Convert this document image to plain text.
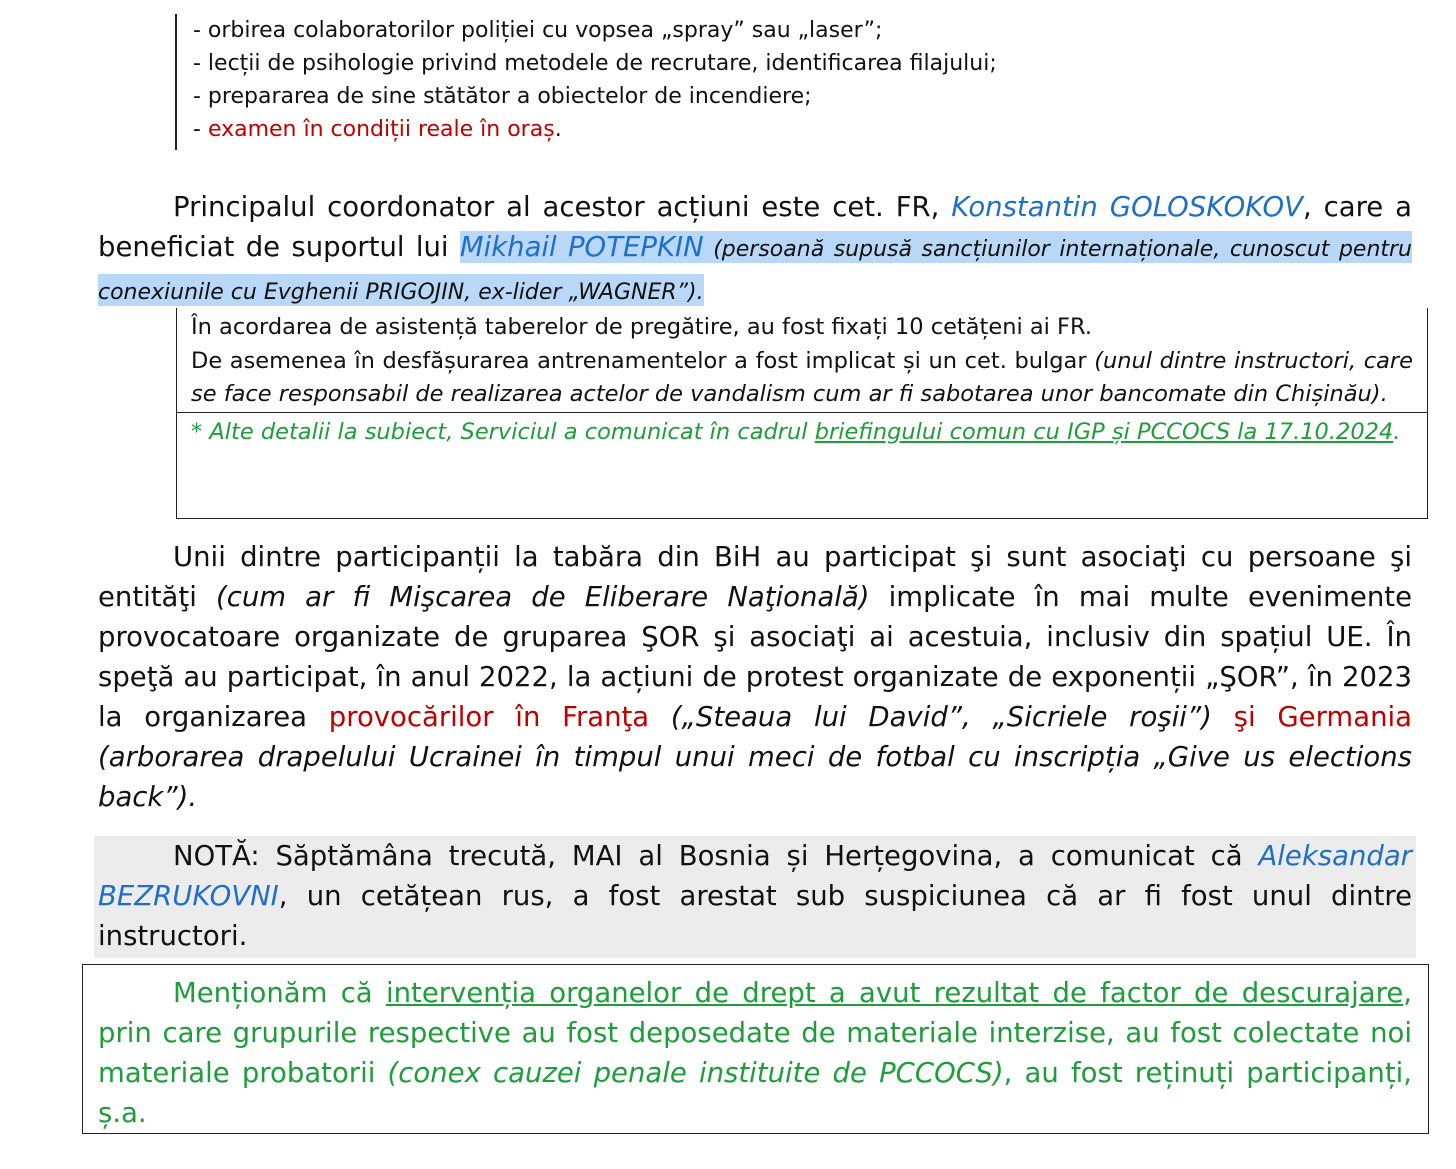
- orbirea colaboratorilor poliției cu vopsea „spray” sau „laser”;
- lecții de psihologie privind metodele de recrutare, identificarea filajului;
- prepararea de sine stătător a obiectelor de incendiere;
- examen în condiții reale în oraș.
Principalul coordonator al acestor acțiuni este cet. FR, Konstantin GOLOSKOKOV, care a beneficiat de suportul lui Mikhail POTEPKIN (persoană supusă sancțiunilor internaționale, cunoscut pentru conexiunile cu Evghenii PRIGOJIN, ex-lider „WAGNER”).
În acordarea de asistență taberelor de pregătire, au fost fixați 10 cetățeni ai FR.
De asemenea în desfășurarea antrenamentelor a fost implicat și un cet. bulgar (unul dintre instructori, care se face responsabil de realizarea actelor de vandalism cum ar fi sabotarea unor bancomate din Chișinău).
* Alte detalii la subiect, Serviciul a comunicat în cadrul briefingului comun cu IGP și PCCOCS la 17.10.2024.
Unii dintre participanții la tabăra din BiH au participat şi sunt asociaţi cu persoane şi entităţi (cum ar fi Mişcarea de Eliberare Naţională) implicate în mai multe evenimente provocatoare organizate de gruparea ŞOR şi asociaţi ai acestuia, inclusiv din spațiul UE. În speţă au participat, în anul 2022, la acțiuni de protest organizate de exponenții „ŞOR”, în 2023 la organizarea provocărilor în Franţa („Steaua lui David”, „Sicriele roşii”) şi Germania (arborarea drapelului Ucrainei în timpul unui meci de fotbal cu inscripția „Give us elections back”).
NOTĂ: Săptămâna trecută, MAI al Bosnia și Herțegovina, a comunicat că Aleksandar BEZRUKOVNI, un cetățean rus, a fost arestat sub suspiciunea că ar fi fost unul dintre instructori.
Menționăm că intervenția organelor de drept a avut rezultat de factor de descurajare, prin care grupurile respective au fost deposedate de materiale interzise, au fost colectate noi materiale probatorii (conex cauzei penale instituite de PCCOCS), au fost reținuți participanți, ș.a.
